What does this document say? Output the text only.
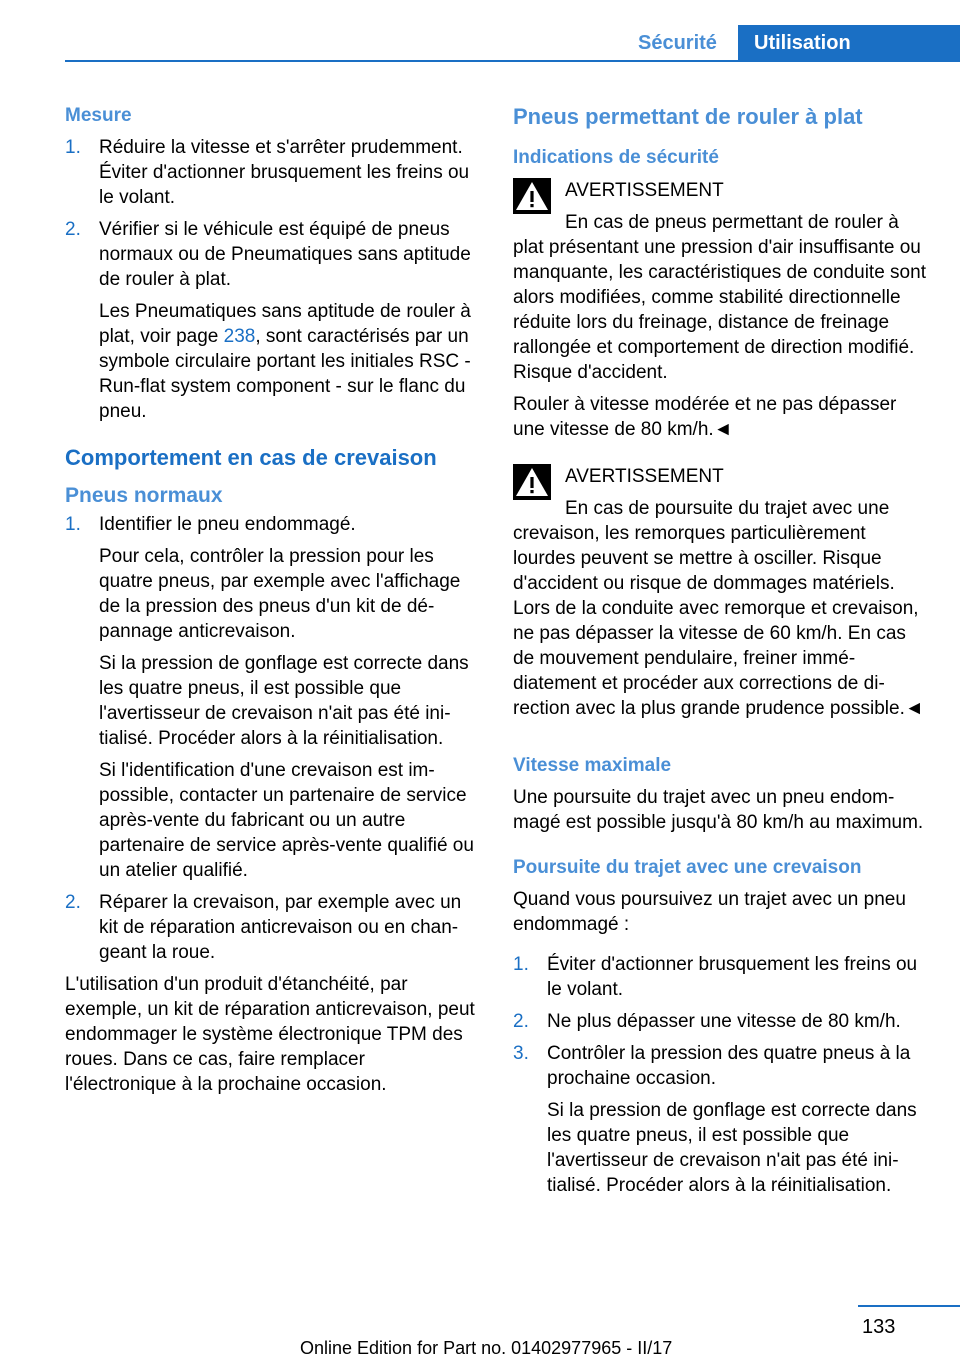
Sécurité	Utilisation
Mesure
1. Réduire la vitesse et s'arrêter prudemment. Éviter d'actionner brusquement les freins ou le volant.

2. Vérifier si le véhicule est équipé de pneus normaux ou de Pneumatiques sans aptitude de rouler à plat.

Les Pneumatiques sans aptitude de rouler à plat, voir page 238, sont caractérisés par un symbole circulaire portant les initiales RSC - Run-flat system component - sur le flanc du pneu.

Comportement en cas de crevaison
Pneus normaux
1. Identifier le pneu endommagé.

Pour cela, contrôler la pression pour les quatre pneus, par exemple avec l'affichage de la pression des pneus d'un kit de dépannage anticrevaison.

Si la pression de gonflage est correcte dans les quatre pneus, il est possible que l'avertisseur de crevaison n'ait pas été initialisé. Procéder alors à la réinitialisation.

Si l'identification d'une crevaison est impossible, contacter un partenaire de service après-vente du fabricant ou un autre partenaire de service après-vente qualifié ou un atelier qualifié.

2. Réparer la crevaison, par exemple avec un kit de réparation anticrevaison ou en changeant la roue.

L'utilisation d'un produit d'étanchéité, par exemple, un kit de réparation anticrevaison, peut endommager le système électronique TPM des roues. Dans ce cas, faire remplacer l'électronique à la prochaine occasion.

Pneus permettant de rouler à plat
Indications de sécurité

AVERTISSEMENT

En cas de pneus permettant de rouler à
plat présentant une pression d'air insuffisante ou manquante, les caractéristiques de conduite sont alors modifiées, comme stabilité directionnelle réduite lors du freinage, distance de freinage rallongée et comportement de direction modifié. Risque d'accident.

Rouler à vitesse modérée et ne pas dépasser une vitesse de 80 km/h.◄

AVERTISSEMENT

En cas de poursuite du trajet avec une
crevaison, les remorques particulièrement lourdes peuvent se mettre à osciller. Risque d'accident ou risque de dommages matériels. Lors de la conduite avec remorque et crevaison, ne pas dépasser la vitesse de 60 km/h. En cas de mouvement pendulaire, freiner immédiatement et procéder aux corrections de direction avec la plus grande prudence possible.◄

Vitesse maximale

Une poursuite du trajet avec un pneu endommagé est possible jusqu'à 80 km/h au maximum.

Poursuite du trajet avec une crevaison

Quand vous poursuivez un trajet avec un pneu endommagé :

1. Éviter d'actionner brusquement les freins ou le volant.

2. Ne plus dépasser une vitesse de 80 km/h.

3. Contrôler la pression des quatre pneus à la prochaine occasion.

Si la pression de gonflage est correcte dans les quatre pneus, il est possible que l'avertisseur de crevaison n'ait pas été initialisé. Procéder alors à la réinitialisation.

133
Online Edition for Part no. 01402977965 - II/17
